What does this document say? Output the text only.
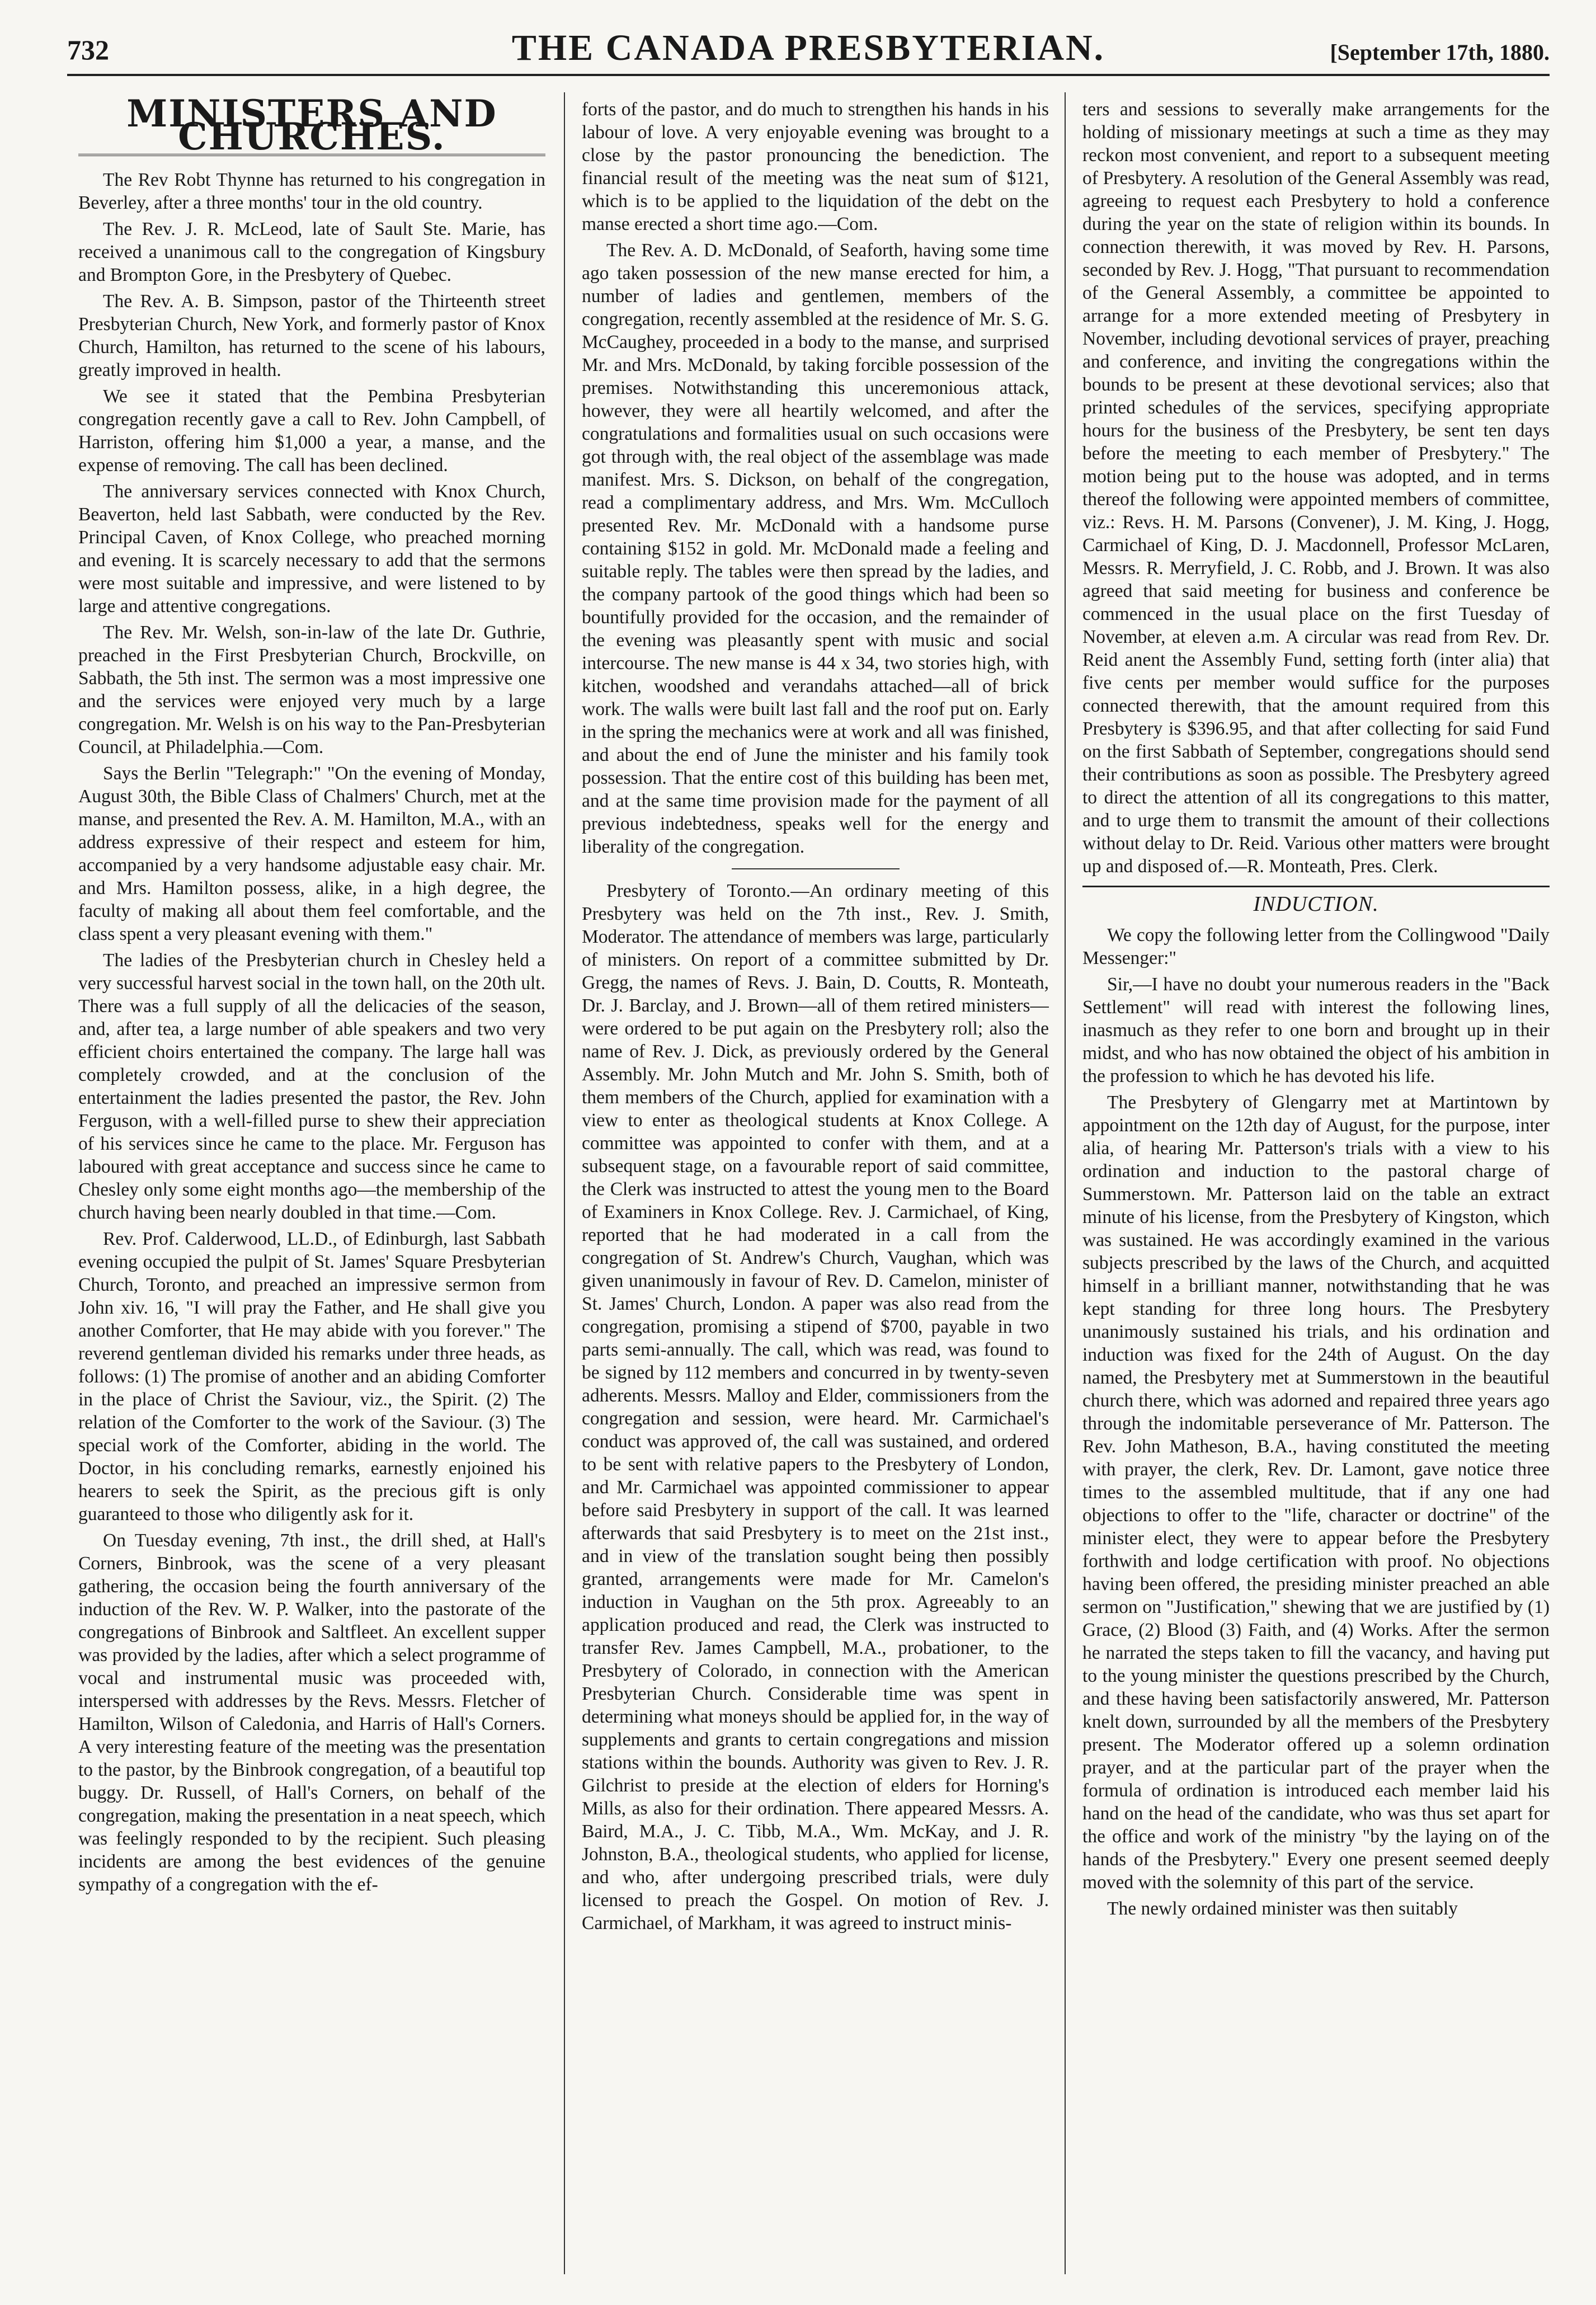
732	THE CANADA PRESBYTERIAN.	[September 17th, 1880.
MINISTERS AND CHURCHES.

The Rev Robt Thynne has returned to his congregation in Beverley, after a three months' tour in the old country.

The Rev. J. R. McLeod, late of Sault Ste. Marie, has received a unanimous call to the congregation of Kingsbury and Brompton Gore, in the Presbytery of Quebec.

The Rev. A. B. Simpson, pastor of the Thirteenth street Presbyterian Church, New York, and formerly pastor of Knox Church, Hamilton, has returned to the scene of his labours, greatly improved in health.

We see it stated that the Pembina Presbyterian congregation recently gave a call to Rev. John Campbell, of Harriston, offering him $1,000 a year, a manse, and the expense of removing. The call has been declined.

The anniversary services connected with Knox Church, Beaverton, held last Sabbath, were conducted by the Rev. Principal Caven, of Knox College, who preached morning and evening. It is scarcely necessary to add that the sermons were most suitable and impressive, and were listened to by large and attentive congregations.

The Rev. Mr. Welsh, son-in-law of the late Dr. Guthrie, preached in the First Presbyterian Church, Brockville, on Sabbath, the 5th inst. The sermon was a most impressive one and the services were enjoyed very much by a large congregation. Mr. Welsh is on his way to the Pan-Presbyterian Council, at Philadelphia.—Com.

Says the Berlin "Telegraph:" "On the evening of Monday, August 30th, the Bible Class of Chalmers' Church, met at the manse, and presented the Rev. A. M. Hamilton, M.A., with an address expressive of their respect and esteem for him, accompanied by a very handsome adjustable easy chair. Mr. and Mrs. Hamilton possess, alike, in a high degree, the faculty of making all about them feel comfortable, and the class spent a very pleasant evening with them."

The ladies of the Presbyterian church in Chesley held a very successful harvest social in the town hall, on the 20th ult. There was a full supply of all the delicacies of the season, and, after tea, a large number of able speakers and two very efficient choirs entertained the company. The large hall was completely crowded, and at the conclusion of the entertainment the ladies presented the pastor, the Rev. John Ferguson, with a well-filled purse to shew their appreciation of his services since he came to the place. Mr. Ferguson has laboured with great acceptance and success since he came to Chesley only some eight months ago—the membership of the church having been nearly doubled in that time.—Com.

Rev. Prof. Calderwood, LL.D., of Edinburgh, last Sabbath evening occupied the pulpit of St. James' Square Presbyterian Church, Toronto, and preached an impressive sermon from John xiv. 16, "I will pray the Father, and He shall give you another Comforter, that He may abide with you forever." The reverend gentleman divided his remarks under three heads, as follows: (1) The promise of another and an abiding Comforter in the place of Christ the Saviour, viz., the Spirit. (2) The relation of the Comforter to the work of the Saviour. (3) The special work of the Comforter, abiding in the world. The Doctor, in his concluding remarks, earnestly enjoined his hearers to seek the Spirit, as the precious gift is only guaranteed to those who diligently ask for it.

On Tuesday evening, 7th inst., the drill shed, at Hall's Corners, Binbrook, was the scene of a very pleasant gathering, the occasion being the fourth anniversary of the induction of the Rev. W. P. Walker, into the pastorate of the congregations of Binbrook and Saltfleet. An excellent supper was provided by the ladies, after which a select programme of vocal and instrumental music was proceeded with, interspersed with addresses by the Revs. Messrs. Fletcher of Hamilton, Wilson of Caledonia, and Harris of Hall's Corners. A very interesting feature of the meeting was the presentation to the pastor, by the Binbrook congregation, of a beautiful top buggy. Dr. Russell, of Hall's Corners, on behalf of the congregation, making the presentation in a neat speech, which was feelingly responded to by the recipient. Such pleasing incidents are among the best evidences of the genuine sympathy of a congregation with the ef-

forts of the pastor, and do much to strengthen his hands in his labour of love. A very enjoyable evening was brought to a close by the pastor pronouncing the benediction. The financial result of the meeting was the neat sum of $121, which is to be applied to the liquidation of the debt on the manse erected a short time ago.—Com.

The Rev. A. D. McDonald, of Seaforth, having some time ago taken possession of the new manse erected for him, a number of ladies and gentlemen, members of the congregation, recently assembled at the residence of Mr. S. G. McCaughey, proceeded in a body to the manse, and surprised Mr. and Mrs. McDonald, by taking forcible possession of the premises. Notwithstanding this unceremonious attack, however, they were all heartily welcomed, and after the congratulations and formalities usual on such occasions were got through with, the real object of the assemblage was made manifest. Mrs. S. Dickson, on behalf of the congregation, read a complimentary address, and Mrs. Wm. McCulloch presented Rev. Mr. McDonald with a handsome purse containing $152 in gold. Mr. McDonald made a feeling and suitable reply. The tables were then spread by the ladies, and the company partook of the good things which had been so bountifully provided for the occasion, and the remainder of the evening was pleasantly spent with music and social intercourse. The new manse is 44 x 34, two stories high, with kitchen, woodshed and verandahs attached—all of brick work. The walls were built last fall and the roof put on. Early in the spring the mechanics were at work and all was finished, and about the end of June the minister and his family took possession. That the entire cost of this building has been met, and at the same time provision made for the payment of all previous indebtedness, speaks well for the energy and liberality of the congregation.

Presbytery of Toronto.—An ordinary meeting of this Presbytery was held on the 7th inst., Rev. J. Smith, Moderator. The attendance of members was large, particularly of ministers. On report of a committee submitted by Dr. Gregg, the names of Revs. J. Bain, D. Coutts, R. Monteath, Dr. J. Barclay, and J. Brown—all of them retired ministers—were ordered to be put again on the Presbytery roll; also the name of Rev. J. Dick, as previously ordered by the General Assembly. Mr. John Mutch and Mr. John S. Smith, both of them members of the Church, applied for examination with a view to enter as theological students at Knox College. A committee was appointed to confer with them, and at a subsequent stage, on a favourable report of said committee, the Clerk was instructed to attest the young men to the Board of Examiners in Knox College. Rev. J. Carmichael, of King, reported that he had moderated in a call from the congregation of St. Andrew's Church, Vaughan, which was given unanimously in favour of Rev. D. Camelon, minister of St. James' Church, London. A paper was also read from the congregation, promising a stipend of $700, payable in two parts semi-annually. The call, which was read, was found to be signed by 112 members and concurred in by twenty-seven adherents. Messrs. Malloy and Elder, commissioners from the congregation and session, were heard. Mr. Carmichael's conduct was approved of, the call was sustained, and ordered to be sent with relative papers to the Presbytery of London, and Mr. Carmichael was appointed commissioner to appear before said Presbytery in support of the call. It was learned afterwards that said Presbytery is to meet on the 21st inst., and in view of the translation sought being then possibly granted, arrangements were made for Mr. Camelon's induction in Vaughan on the 5th prox. Agreeably to an application produced and read, the Clerk was instructed to transfer Rev. James Campbell, M.A., probationer, to the Presbytery of Colorado, in connection with the American Presbyterian Church. Considerable time was spent in determining what moneys should be applied for, in the way of supplements and grants to certain congregations and mission stations within the bounds. Authority was given to Rev. J. R. Gilchrist to preside at the election of elders for Horning's Mills, as also for their ordination. There appeared Messrs. A. Baird, M.A., J. C. Tibb, M.A., Wm. McKay, and J. R. Johnston, B.A., theological students, who applied for license, and who, after undergoing prescribed trials, were duly licensed to preach the Gospel. On motion of Rev. J. Carmichael, of Markham, it was agreed to instruct minis-

ters and sessions to severally make arrangements for the holding of missionary meetings at such a time as they may reckon most convenient, and report to a subsequent meeting of Presbytery. A resolution of the General Assembly was read, agreeing to request each Presbytery to hold a conference during the year on the state of religion within its bounds. In connection therewith, it was moved by Rev. H. Parsons, seconded by Rev. J. Hogg, "That pursuant to recommendation of the General Assembly, a committee be appointed to arrange for a more extended meeting of Presbytery in November, including devotional services of prayer, preaching and conference, and inviting the congregations within the bounds to be present at these devotional services; also that printed schedules of the services, specifying appropriate hours for the business of the Presbytery, be sent ten days before the meeting to each member of Presbytery." The motion being put to the house was adopted, and in terms thereof the following were appointed members of committee, viz.: Revs. H. M. Parsons (Convener), J. M. King, J. Hogg, Carmichael of King, D. J. Macdonnell, Professor McLaren, Messrs. R. Merryfield, J. C. Robb, and J. Brown. It was also agreed that said meeting for business and conference be commenced in the usual place on the first Tuesday of November, at eleven a.m. A circular was read from Rev. Dr. Reid anent the Assembly Fund, setting forth (inter alia) that five cents per member would suffice for the purposes connected therewith, that the amount required from this Presbytery is $396.95, and that after collecting for said Fund on the first Sabbath of September, congregations should send their contributions as soon as possible. The Presbytery agreed to direct the attention of all its congregations to this matter, and to urge them to transmit the amount of their collections without delay to Dr. Reid. Various other matters were brought up and disposed of.—R. Monteath, Pres. Clerk.

INDUCTION.

We copy the following letter from the Collingwood "Daily Messenger:"

Sir,—I have no doubt your numerous readers in the "Back Settlement" will read with interest the following lines, inasmuch as they refer to one born and brought up in their midst, and who has now obtained the object of his ambition in the profession to which he has devoted his life.

The Presbytery of Glengarry met at Martintown by appointment on the 12th day of August, for the purpose, inter alia, of hearing Mr. Patterson's trials with a view to his ordination and induction to the pastoral charge of Summerstown. Mr. Patterson laid on the table an extract minute of his license, from the Presbytery of Kingston, which was sustained. He was accordingly examined in the various subjects prescribed by the laws of the Church, and acquitted himself in a brilliant manner, notwithstanding that he was kept standing for three long hours. The Presbytery unanimously sustained his trials, and his ordination and induction was fixed for the 24th of August. On the day named, the Presbytery met at Summerstown in the beautiful church there, which was adorned and repaired three years ago through the indomitable perseverance of Mr. Patterson. The Rev. John Matheson, B.A., having constituted the meeting with prayer, the clerk, Rev. Dr. Lamont, gave notice three times to the assembled multitude, that if any one had objections to offer to the "life, character or doctrine" of the minister elect, they were to appear before the Presbytery forthwith and lodge certification with proof. No objections having been offered, the presiding minister preached an able sermon on "Justification," shewing that we are justified by (1) Grace, (2) Blood (3) Faith, and (4) Works. After the sermon he narrated the steps taken to fill the vacancy, and having put to the young minister the questions prescribed by the Church, and these having been satisfactorily answered, Mr. Patterson knelt down, surrounded by all the members of the Presbytery present. The Moderator offered up a solemn ordination prayer, and at the particular part of the prayer when the formula of ordination is introduced each member laid his hand on the head of the candidate, who was thus set apart for the office and work of the ministry "by the laying on of the hands of the Presbytery." Every one present seemed deeply moved with the solemnity of this part of the service.

The newly ordained minister was then suitably
